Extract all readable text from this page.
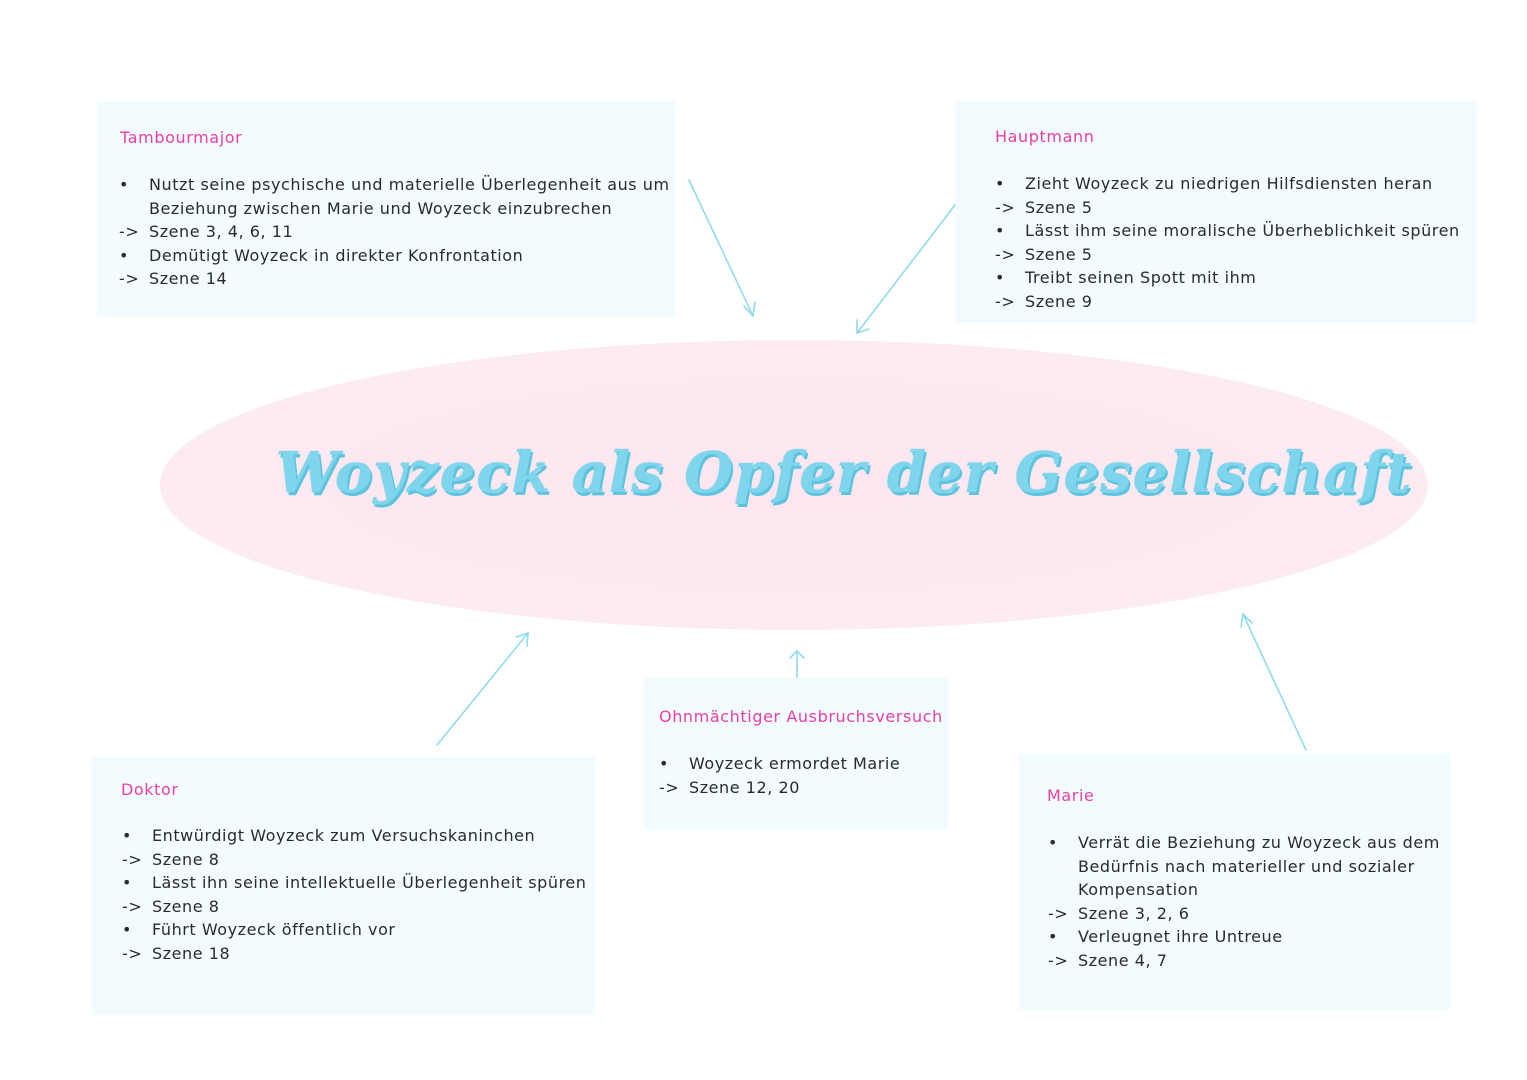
Woyzeck als Opfer der Gesellschaft
Tambourmajor
•	Nutzt seine psychische und materielle Überlegenheit aus um
Beziehung zwischen Marie und Woyzeck einzubrechen
-> Szene 3, 4, 6, 11
•	Demütigt Woyzeck in direkter Konfrontation
-> Szene 14
Hauptmann
•	Zieht Woyzeck zu niedrigen Hilfsdiensten heran
-> Szene 5
•	Lässt ihm seine moralische Überheblichkeit spüren
-> Szene 5
•	Treibt seinen Spott mit ihm
-> Szene 9
Ohnmächtiger Ausbruchsversuch
•	Woyzeck ermordet Marie
-> Szene 12, 20
Doktor
•	Entwürdigt Woyzeck zum Versuchskaninchen
-> Szene 8
•	Lässt ihn seine intellektuelle Überlegenheit spüren
-> Szene 8
•	Führt Woyzeck öffentlich vor
-> Szene 18
Marie
•	Verrät die Beziehung zu Woyzeck aus dem
Bedürfnis nach materieller und sozialer
Kompensation
-> Szene 3, 2, 6
•	Verleugnet ihre Untreue
-> Szene 4, 7
